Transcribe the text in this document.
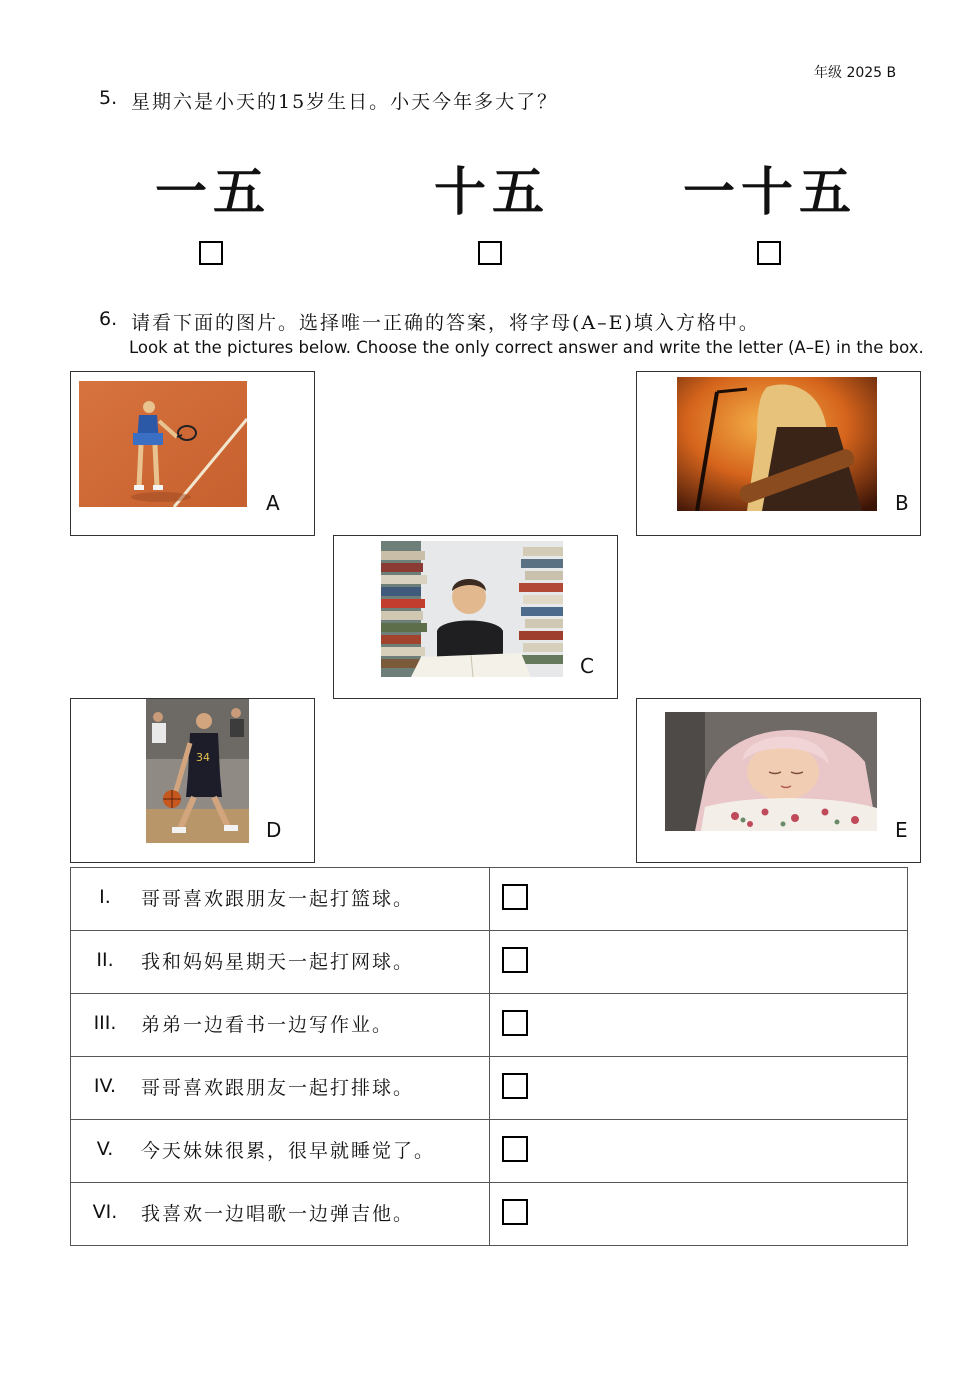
年级 2025 B
5. 星期六是小天的15岁生日。小天今年多大了？
一五	十五	一十五
6. 请看下面的图片。选择唯一正确的答案，将字母(A–E)填入方格中。
Look at the pictures below. Choose the only correct answer and write the letter (A–E) in the box.
A	B
C
34
D	E
I. 哥哥喜欢跟朋友一起打篮球。	

II. 我和妈妈星期天一起打网球。	

III. 弟弟一边看书一边写作业。	

IV. 哥哥喜欢跟朋友一起打排球。	

V. 今天妹妹很累，很早就睡觉了。	

VI. 我喜欢一边唱歌一边弹吉他。	
